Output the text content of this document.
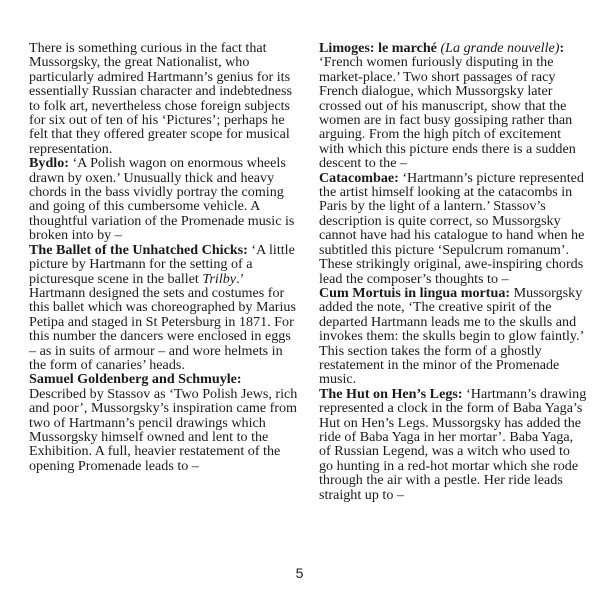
There is something curious in the fact that Mussorgsky, the great Nationalist, who particularly admired Hartmann’s genius for its essentially Russian character and indebtedness to folk art, nevertheless chose foreign subjects for six out of ten of his ‘Pictures’; perhaps he felt that they offered greater scope for musical representation.

Bydlo: ‘A Polish wagon on enormous wheels drawn by oxen.’ Unusually thick and heavy chords in the bass vividly portray the coming and going of this cumbersome vehicle. A thoughtful variation of the Promenade music is broken into by –

The Ballet of the Unhatched Chicks: ‘A little picture by Hartmann for the setting of a picturesque scene in the ballet Trilby.’ Hartmann designed the sets and costumes for this ballet which was choreographed by Marius Petipa and staged in St Petersburg in 1871. For this number the dancers were enclosed in eggs – as in suits of armour – and wore helmets in the form of canaries’ heads.

Samuel Goldenberg and Schmuyle: Described by Stassov as ‘Two Polish Jews, rich and poor’, Mussorgsky’s inspiration came from two of Hartmann’s pencil drawings which Mussorgsky himself owned and lent to the Exhibition. A full, heavier restatement of the opening Promenade leads to –

Limoges: le marché (La grande nouvelle): ‘French women furiously disputing in the market-place.’ Two short passages of racy French dialogue, which Mussorgsky later crossed out of his manuscript, show that the women are in fact busy gossiping rather than arguing. From the high pitch of excitement with which this picture ends there is a sudden descent to the –

Catacombae: ‘Hartmann’s picture represented the artist himself looking at the catacombs in Paris by the light of a lantern.’ Stassov’s description is quite correct, so Mussorgsky cannot have had his catalogue to hand when he subtitled this picture ‘Sepulcrum romanum’. These strikingly original, awe-inspiring chords lead the composer’s thoughts to –

Cum Mortuis in lingua mortua: Mussorgsky added the note, ‘The creative spirit of the departed Hartmann leads me to the skulls and invokes them: the skulls begin to glow faintly.’ This section takes the form of a ghostly restatement in the minor of the Promenade music.

The Hut on Hen’s Legs: ‘Hartmann’s drawing represented a clock in the form of Baba Yaga’s Hut on Hen’s Legs. Mussorgsky has added the ride of Baba Yaga in her mortar’. Baba Yaga, of Russian Legend, was a witch who used to go hunting in a red-hot mortar which she rode through the air with a pestle. Her ride leads straight up to –

5
